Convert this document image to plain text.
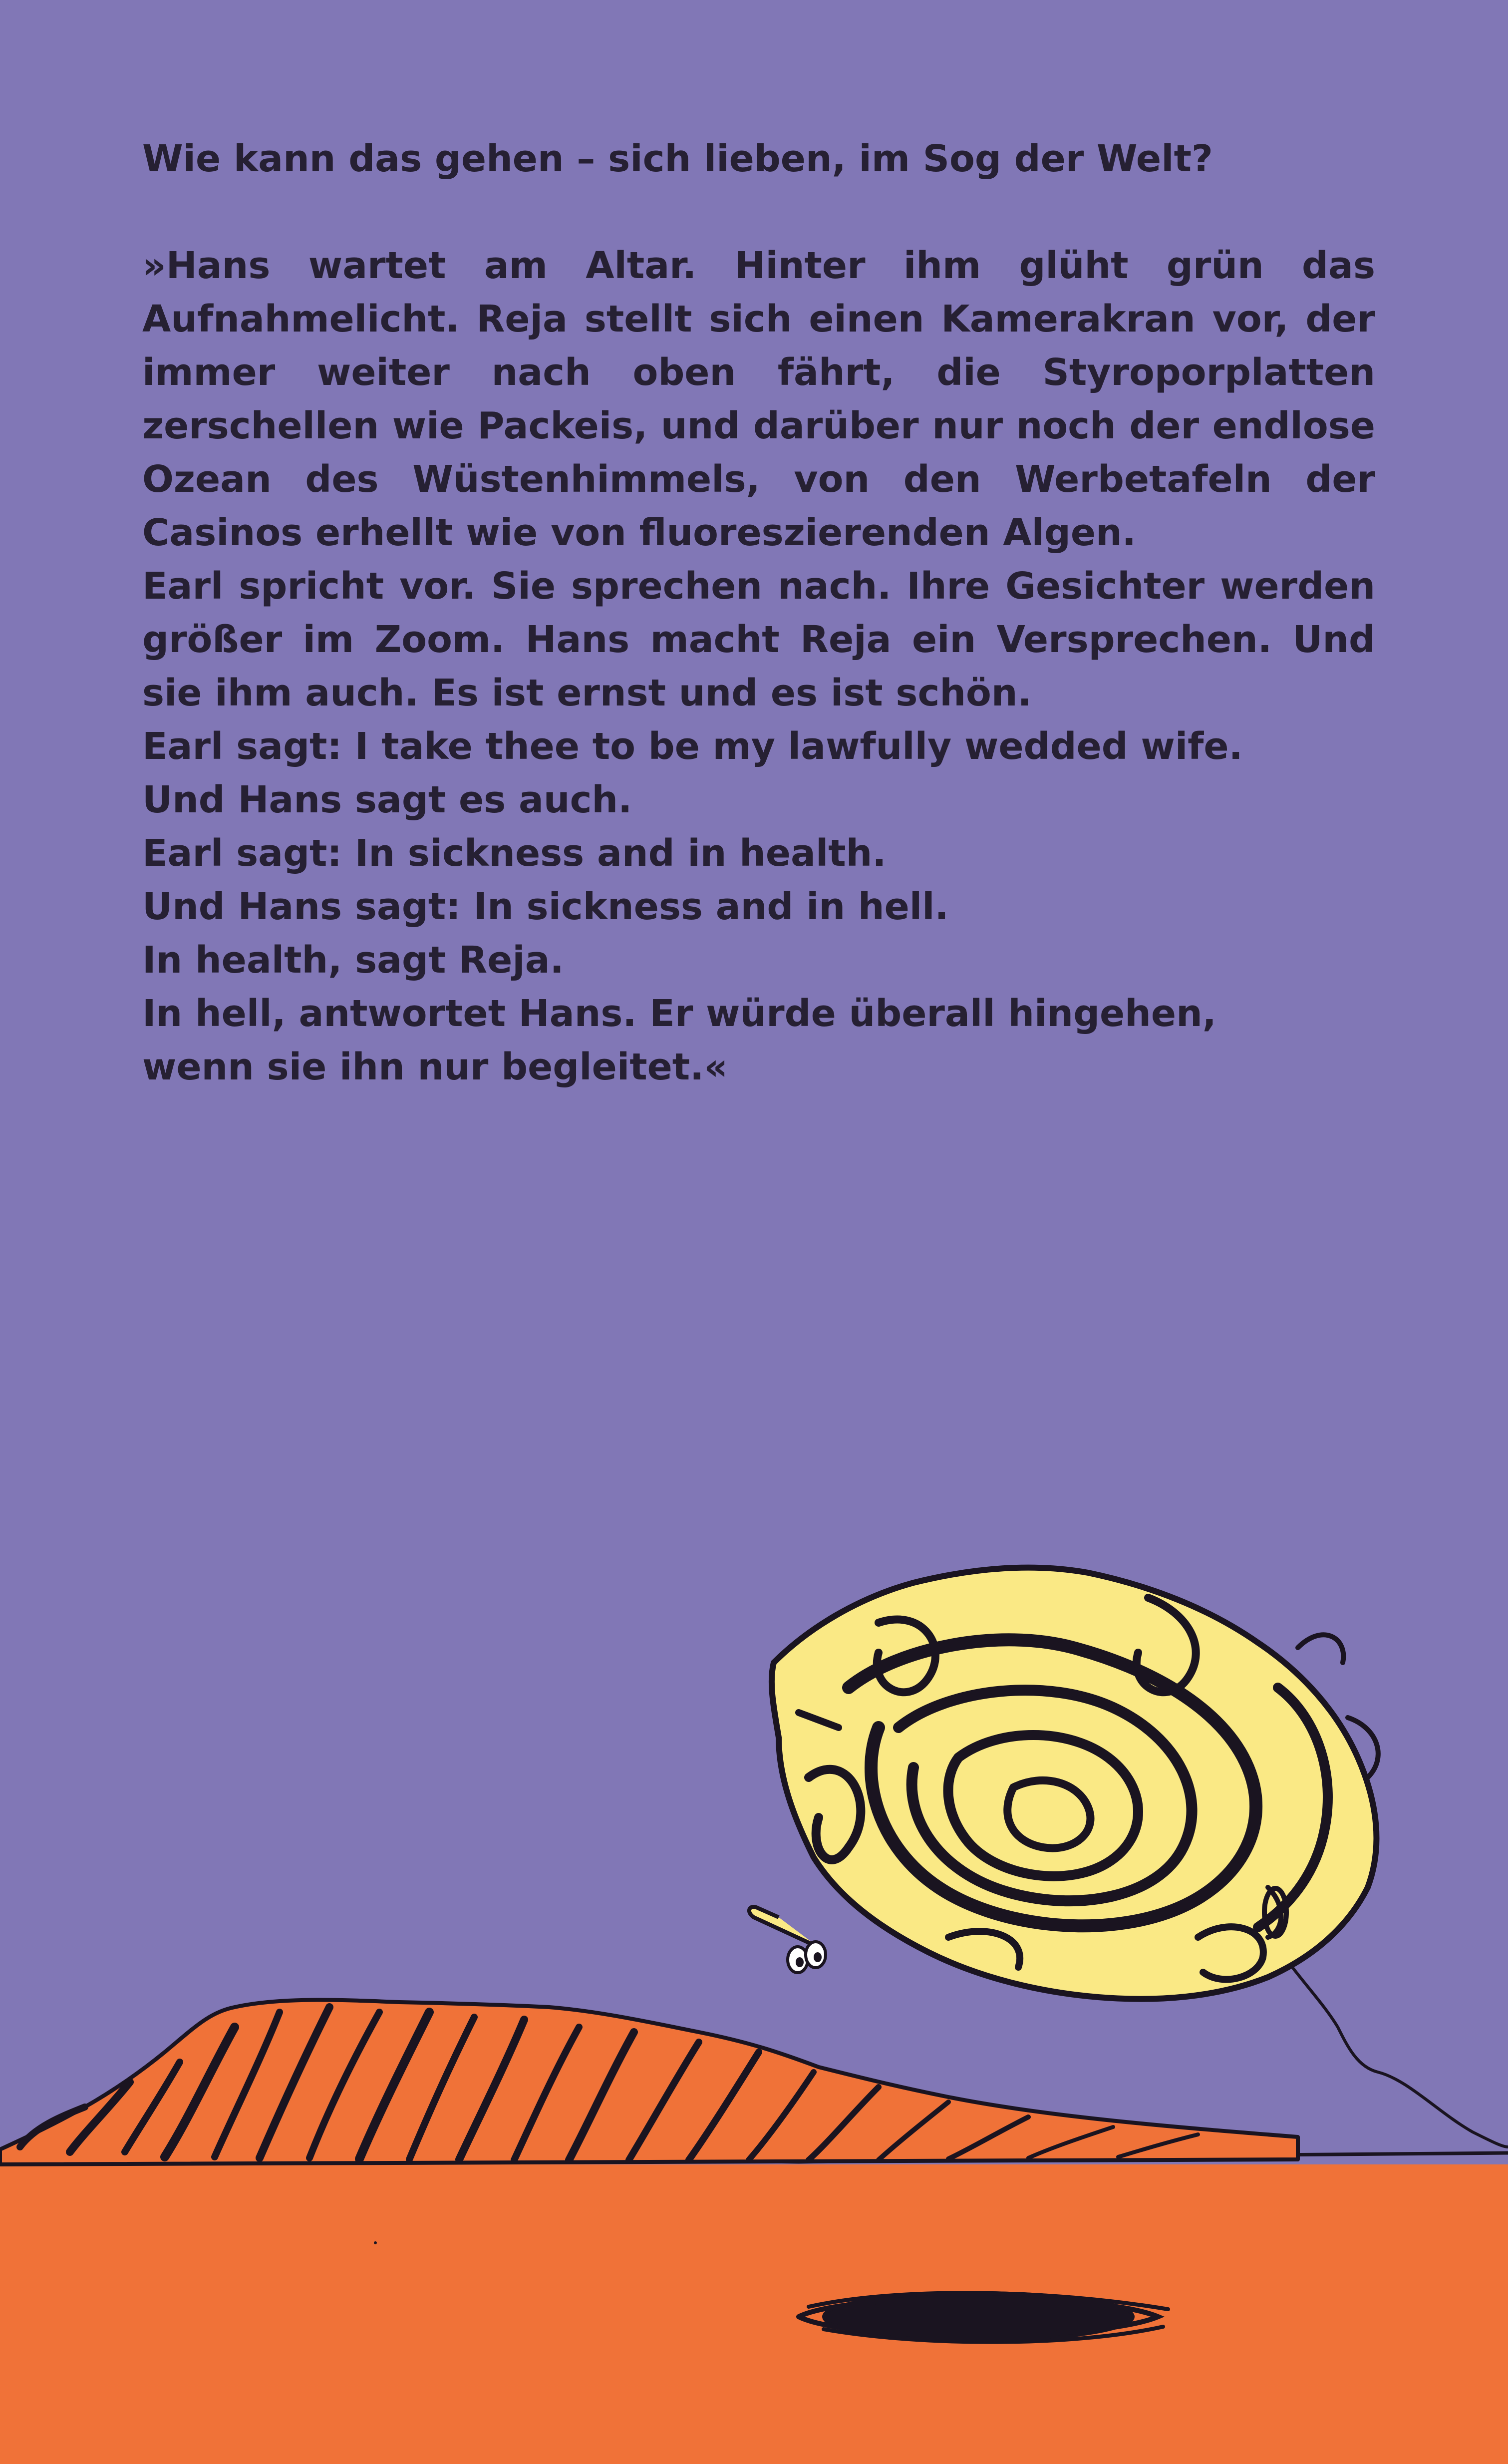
Wie kann das gehen – sich lieben, im Sog der Welt?

»Hans wartet am Altar. Hinter ihm glüht grün das Aufnahmelicht. Reja stellt sich einen Kamerakran vor, der immer weiter nach oben fährt, die Styroporplatten zerschellen wie Packeis, und darüber nur noch der endlose Ozean des Wüstenhimmels, von den Werbetafeln der Casinos erhellt wie von fluoreszierenden Algen.

Earl spricht vor. Sie sprechen nach. Ihre Gesichter werden größer im Zoom. Hans macht Reja ein Versprechen. Und sie ihm auch. Es ist ernst und es ist schön.

Earl sagt: I take thee to be my lawfully wedded wife.

Und Hans sagt es auch.

Earl sagt: In sickness and in health.

Und Hans sagt: In sickness and in hell.

In health, sagt Reja.

In hell, antwortet Hans. Er würde überall hingehen,

wenn sie ihn nur begleitet.«
